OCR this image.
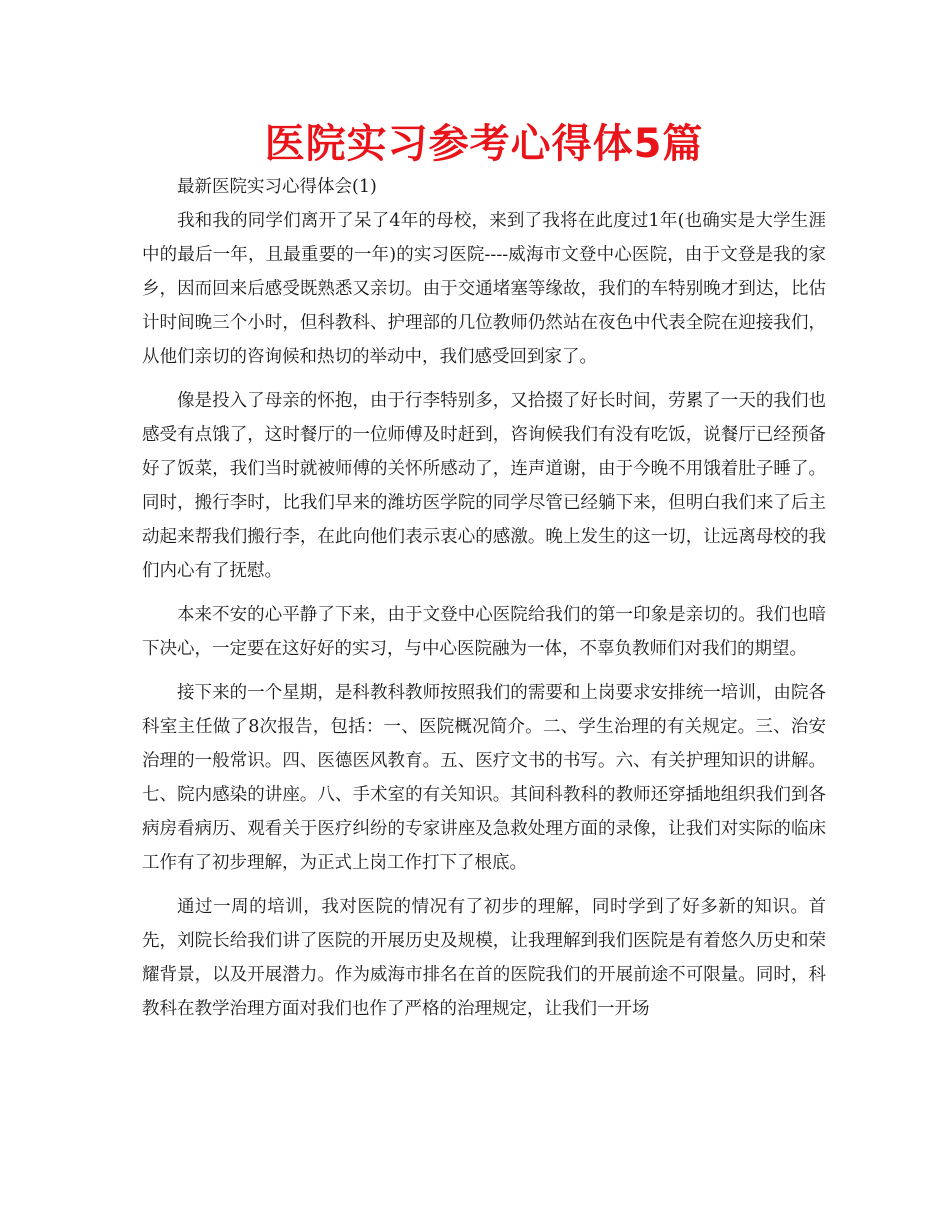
医院实习参考心得体5篇

最新医院实习心得体会(1)

我和我的同学们离开了呆了4年的母校，来到了我将在此度过1年(也确实是大学生涯中的最后一年，且最重要的一年)的实习医院----威海市文登中心医院，由于文登是我的家乡，因而回来后感受既熟悉又亲切。由于交通堵塞等缘故，我们的车特别晚才到达，比估计时间晚三个小时，但科教科、护理部的几位教师仍然站在夜色中代表全院在迎接我们，从他们亲切的咨询候和热切的举动中，我们感受回到家了。

像是投入了母亲的怀抱，由于行李特别多，又拾掇了好长时间，劳累了一天的我们也感受有点饿了，这时餐厅的一位师傅及时赶到，咨询候我们有没有吃饭，说餐厅已经预备好了饭菜，我们当时就被师傅的关怀所感动了，连声道谢，由于今晚不用饿着肚子睡了。同时，搬行李时，比我们早来的潍坊医学院的同学尽管已经躺下来，但明白我们来了后主动起来帮我们搬行李，在此向他们表示衷心的感激。晚上发生的这一切，让远离母校的我们内心有了抚慰。

本来不安的心平静了下来，由于文登中心医院给我们的第一印象是亲切的。我们也暗下决心，一定要在这好好的实习，与中心医院融为一体，不辜负教师们对我们的期望。

接下来的一个星期，是科教科教师按照我们的需要和上岗要求安排统一培训，由院各科室主任做了8次报告，包括：一、医院概况简介。二、学生治理的有关规定。三、治安治理的一般常识。四、医德医风教育。五、医疗文书的书写。六、有关护理知识的讲解。七、院内感染的讲座。八、手术室的有关知识。其间科教科的教师还穿插地组织我们到各病房看病历、观看关于医疗纠纷的专家讲座及急救处理方面的录像，让我们对实际的临床工作有了初步理解，为正式上岗工作打下了根底。

通过一周的培训，我对医院的情况有了初步的理解，同时学到了好多新的知识。首先，刘院长给我们讲了医院的开展历史及规模，让我理解到我们医院是有着悠久历史和荣耀背景，以及开展潜力。作为威海市排名在首的医院我们的开展前途不可限量。同时，科教科在教学治理方面对我们也作了严格的治理规定，让我们一开场
